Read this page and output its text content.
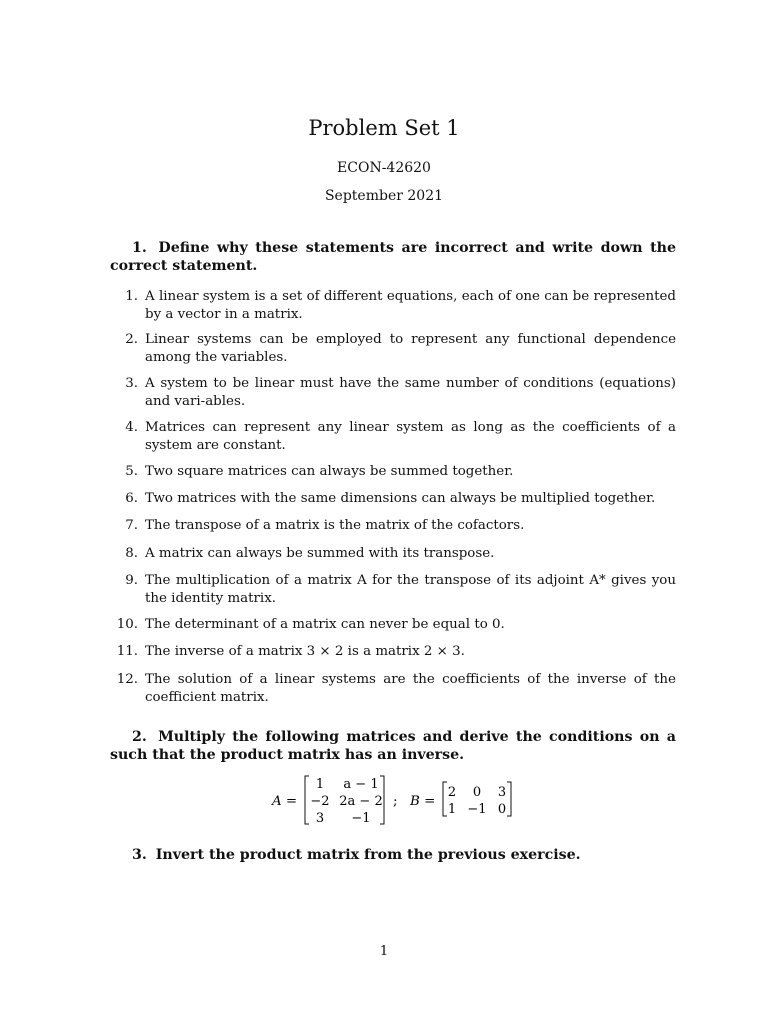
Problem Set 1
ECON-42620
September 2021
1. Define why these statements are incorrect and write down the correct statement.
1. A linear system is a set of different equations, each of one can be represented by a vector in a matrix.
2. Linear systems can be employed to represent any functional dependence among the variables.
3. A system to be linear must have the same number of conditions (equations) and vari-ables.
4. Matrices can represent any linear system as long as the coefficients of a system are constant.
5. Two square matrices can always be summed together.
6. Two matrices with the same dimensions can always be multiplied together.
7. The transpose of a matrix is the matrix of the cofactors.
8. A matrix can always be summed with its transpose.
9. The multiplication of a matrix A for the transpose of its adjoint A* gives you the identity matrix.
10. The determinant of a matrix can never be equal to 0.
11. The inverse of a matrix 3 × 2 is a matrix 2 × 3.
12. The solution of a linear systems are the coefficients of the inverse of the coefficient matrix.
2. Multiply the following matrices and derive the conditions on a such that the product matrix has an inverse.
A =
1 a − 1
−2 2a − 2
3 −1
; B =
2 0 3
1 −1 0
3. Invert the product matrix from the previous exercise.
1
